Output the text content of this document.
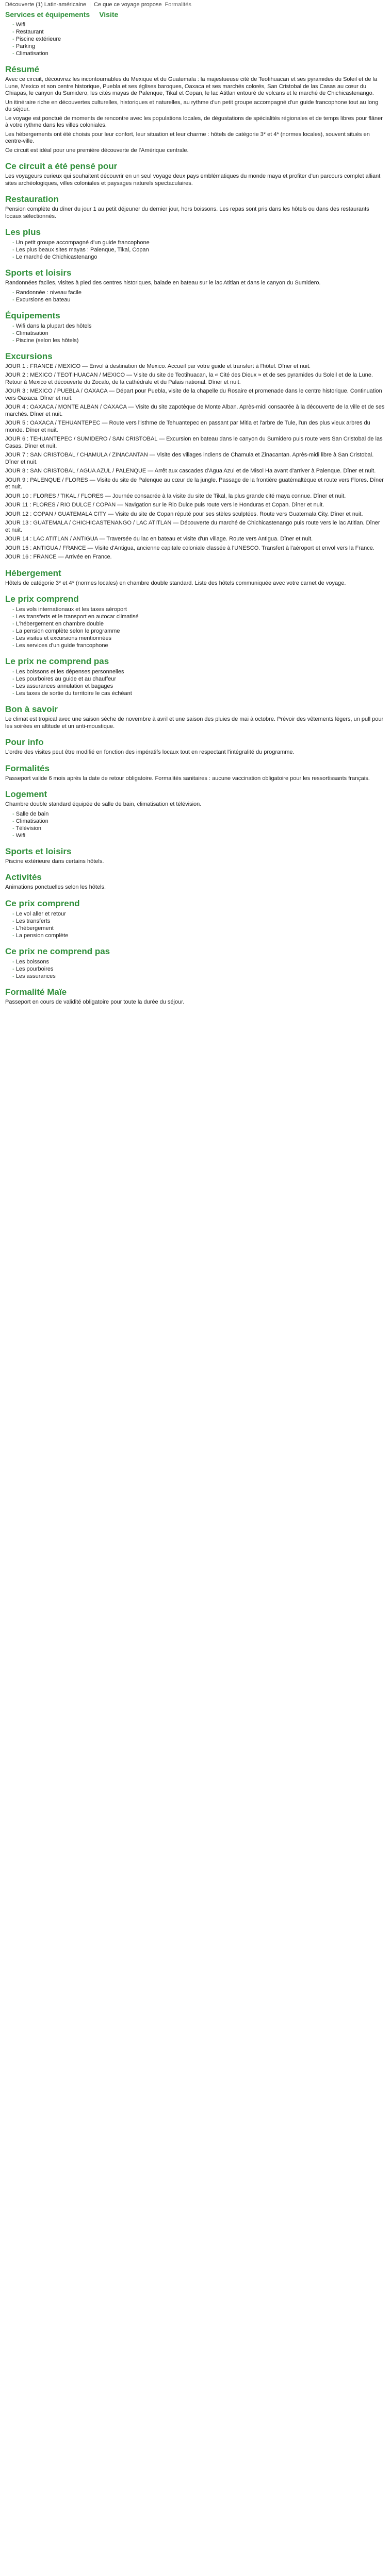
Découverte (1) Latin-américaine | Ce que ce voyage propose Formalités
Services et équipements Visite
- Wifi
- Restaurant
- Piscine extérieure
- Parking
- Climatisation
Résumé

Avec ce circuit, découvrez les incontournables du Mexique et du Guatemala : la majestueuse cité de Teotihuacan et ses pyramides du Soleil et de la Lune, Mexico et son centre historique, Puebla et ses églises baroques, Oaxaca et ses marchés colorés, San Cristobal de las Casas au cœur du Chiapas, le canyon du Sumidero, les cités mayas de Palenque, Tikal et Copan, le lac Atitlan entouré de volcans et le marché de Chichicastenango.

Un itinéraire riche en découvertes culturelles, historiques et naturelles, au rythme d'un petit groupe accompagné d'un guide francophone tout au long du séjour.

Le voyage est ponctué de moments de rencontre avec les populations locales, de dégustations de spécialités régionales et de temps libres pour flâner à votre rythme dans les villes coloniales.

Les hébergements ont été choisis pour leur confort, leur situation et leur charme : hôtels de catégorie 3* et 4* (normes locales), souvent situés en centre-ville.

Ce circuit est idéal pour une première découverte de l'Amérique centrale.

Ce circuit a été pensé pour

Les voyageurs curieux qui souhaitent découvrir en un seul voyage deux pays emblématiques du monde maya et profiter d'un parcours complet alliant sites archéologiques, villes coloniales et paysages naturels spectaculaires.

Restauration

Pension complète du dîner du jour 1 au petit déjeuner du dernier jour, hors boissons. Les repas sont pris dans les hôtels ou dans des restaurants locaux sélectionnés.

Les plus
- Un petit groupe accompagné d'un guide francophone
- Les plus beaux sites mayas : Palenque, Tikal, Copan
- Le marché de Chichicastenango
Sports et loisirs

Randonnées faciles, visites à pied des centres historiques, balade en bateau sur le lac Atitlan et dans le canyon du Sumidero.

- Randonnée : niveau facile
- Excursions en bateau
Équipements
- Wifi dans la plupart des hôtels
- Climatisation
- Piscine (selon les hôtels)
Excursions

JOUR 1 : FRANCE / MEXICO — Envol à destination de Mexico. Accueil par votre guide et transfert à l'hôtel. Dîner et nuit.

JOUR 2 : MEXICO / TEOTIHUACAN / MEXICO — Visite du site de Teotihuacan, la « Cité des Dieux » et de ses pyramides du Soleil et de la Lune. Retour à Mexico et découverte du Zocalo, de la cathédrale et du Palais national. Dîner et nuit.

JOUR 3 : MEXICO / PUEBLA / OAXACA — Départ pour Puebla, visite de la chapelle du Rosaire et promenade dans le centre historique. Continuation vers Oaxaca. Dîner et nuit.

JOUR 4 : OAXACA / MONTE ALBAN / OAXACA — Visite du site zapotèque de Monte Alban. Après-midi consacrée à la découverte de la ville et de ses marchés. Dîner et nuit.

JOUR 5 : OAXACA / TEHUANTEPEC — Route vers l'isthme de Tehuantepec en passant par Mitla et l'arbre de Tule, l'un des plus vieux arbres du monde. Dîner et nuit.

JOUR 6 : TEHUANTEPEC / SUMIDERO / SAN CRISTOBAL — Excursion en bateau dans le canyon du Sumidero puis route vers San Cristobal de las Casas. Dîner et nuit.

JOUR 7 : SAN CRISTOBAL / CHAMULA / ZINACANTAN — Visite des villages indiens de Chamula et Zinacantan. Après-midi libre à San Cristobal. Dîner et nuit.

JOUR 8 : SAN CRISTOBAL / AGUA AZUL / PALENQUE — Arrêt aux cascades d'Agua Azul et de Misol Ha avant d'arriver à Palenque. Dîner et nuit.

JOUR 9 : PALENQUE / FLORES — Visite du site de Palenque au cœur de la jungle. Passage de la frontière guatémaltèque et route vers Flores. Dîner et nuit.

JOUR 10 : FLORES / TIKAL / FLORES — Journée consacrée à la visite du site de Tikal, la plus grande cité maya connue. Dîner et nuit.

JOUR 11 : FLORES / RIO DULCE / COPAN — Navigation sur le Rio Dulce puis route vers le Honduras et Copan. Dîner et nuit.

JOUR 12 : COPAN / GUATEMALA CITY — Visite du site de Copan réputé pour ses stèles sculptées. Route vers Guatemala City. Dîner et nuit.

JOUR 13 : GUATEMALA / CHICHICASTENANGO / LAC ATITLAN — Découverte du marché de Chichicastenango puis route vers le lac Atitlan. Dîner et nuit.

JOUR 14 : LAC ATITLAN / ANTIGUA — Traversée du lac en bateau et visite d'un village. Route vers Antigua. Dîner et nuit.

JOUR 15 : ANTIGUA / FRANCE — Visite d'Antigua, ancienne capitale coloniale classée à l'UNESCO. Transfert à l'aéroport et envol vers la France.

JOUR 16 : FRANCE — Arrivée en France.

Hébergement

Hôtels de catégorie 3* et 4* (normes locales) en chambre double standard. Liste des hôtels communiquée avec votre carnet de voyage.

Le prix comprend
- Les vols internationaux et les taxes aéroport
- Les transferts et le transport en autocar climatisé
- L'hébergement en chambre double
- La pension complète selon le programme
- Les visites et excursions mentionnées
- Les services d'un guide francophone
Le prix ne comprend pas
- Les boissons et les dépenses personnelles
- Les pourboires au guide et au chauffeur
- Les assurances annulation et bagages
- Les taxes de sortie du territoire le cas échéant
Bon à savoir

Le climat est tropical avec une saison sèche de novembre à avril et une saison des pluies de mai à octobre. Prévoir des vêtements légers, un pull pour les soirées en altitude et un anti-moustique.

Pour info

L'ordre des visites peut être modifié en fonction des impératifs locaux tout en respectant l'intégralité du programme.

Formalités

Passeport valide 6 mois après la date de retour obligatoire. Formalités sanitaires : aucune vaccination obligatoire pour les ressortissants français.

Logement

Chambre double standard équipée de salle de bain, climatisation et télévision.

- Salle de bain
- Climatisation
- Télévision
- Wifi
Sports et loisirs

Piscine extérieure dans certains hôtels.

Activités

Animations ponctuelles selon les hôtels.

Ce prix comprend
- Le vol aller et retour
- Les transferts
- L'hébergement
- La pension complète
Ce prix ne comprend pas
- Les boissons
- Les pourboires
- Les assurances
Formalité Maïe

Passeport en cours de validité obligatoire pour toute la durée du séjour.
